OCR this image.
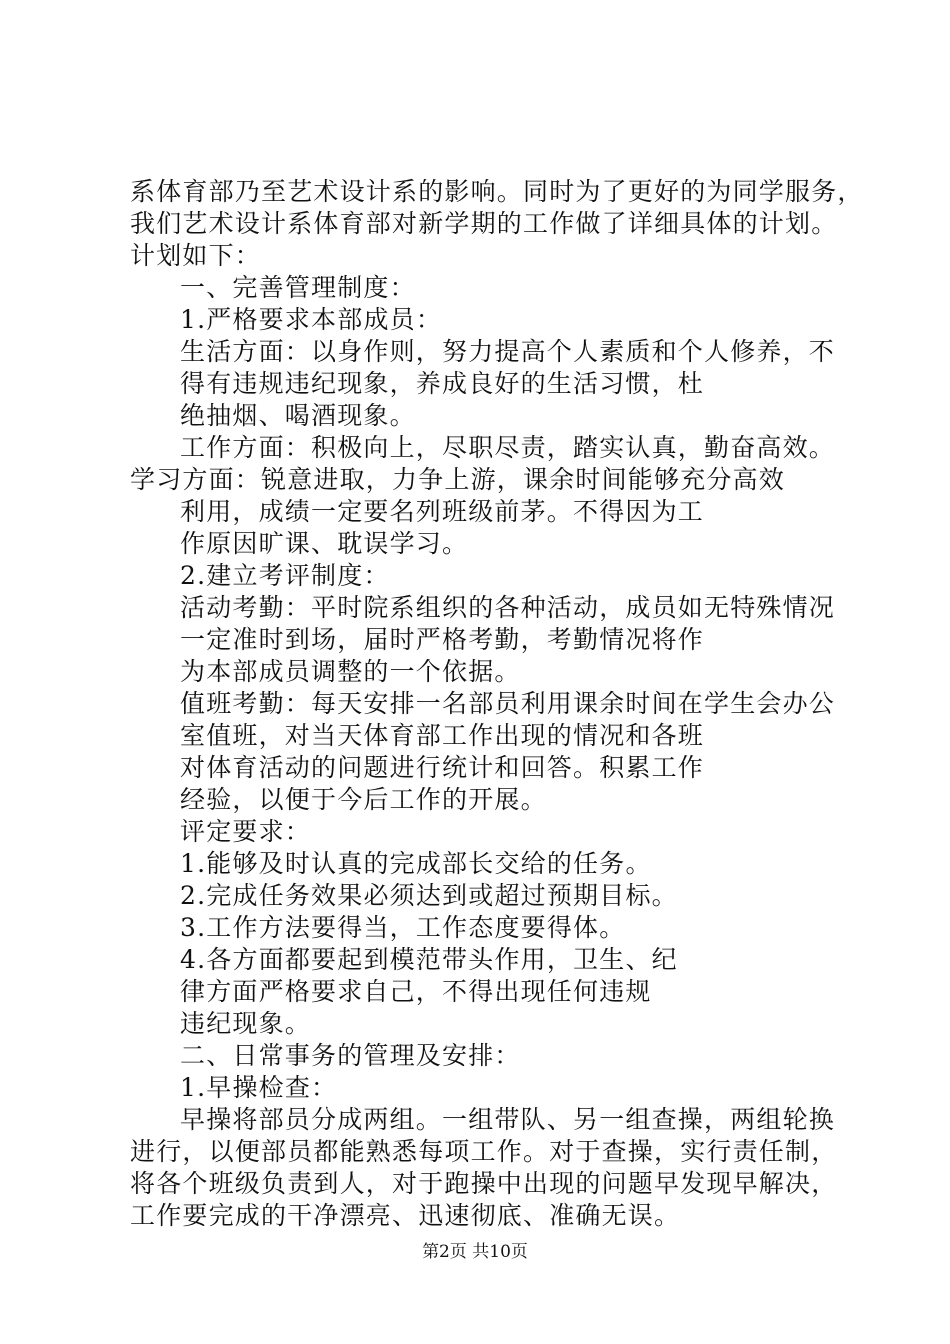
系体育部乃至艺术设计系的影响。同时为了更好的为同学服务，
我们艺术设计系体育部对新学期的工作做了详细具体的计划。
计划如下：
一、完善管理制度：
1.严格要求本部成员：
生活方面：以身作则，努力提高个人素质和个人修养，不
得有违规违纪现象，养成良好的生活习惯，杜
绝抽烟、喝酒现象。
工作方面：积极向上，尽职尽责，踏实认真，勤奋高效。
学习方面：锐意进取，力争上游，课余时间能够充分高效
利用，成绩一定要名列班级前茅。不得因为工
作原因旷课、耽误学习。
2.建立考评制度：
活动考勤：平时院系组织的各种活动，成员如无特殊情况
一定准时到场，届时严格考勤，考勤情况将作
为本部成员调整的一个依据。
值班考勤：每天安排一名部员利用课余时间在学生会办公
室值班，对当天体育部工作出现的情况和各班
对体育活动的问题进行统计和回答。积累工作
经验，以便于今后工作的开展。
评定要求：
1.能够及时认真的完成部长交给的任务。
2.完成任务效果必须达到或超过预期目标。
3.工作方法要得当，工作态度要得体。
4.各方面都要起到模范带头作用，卫生、纪
律方面严格要求自己，不得出现任何违规
违纪现象。
二、日常事务的管理及安排：
1.早操检查：
早操将部员分成两组。一组带队、另一组查操，两组轮换
进行，以便部员都能熟悉每项工作。对于查操，实行责任制，
将各个班级负责到人，对于跑操中出现的问题早发现早解决，
工作要完成的干净漂亮、迅速彻底、准确无误。
第2页 共10页
